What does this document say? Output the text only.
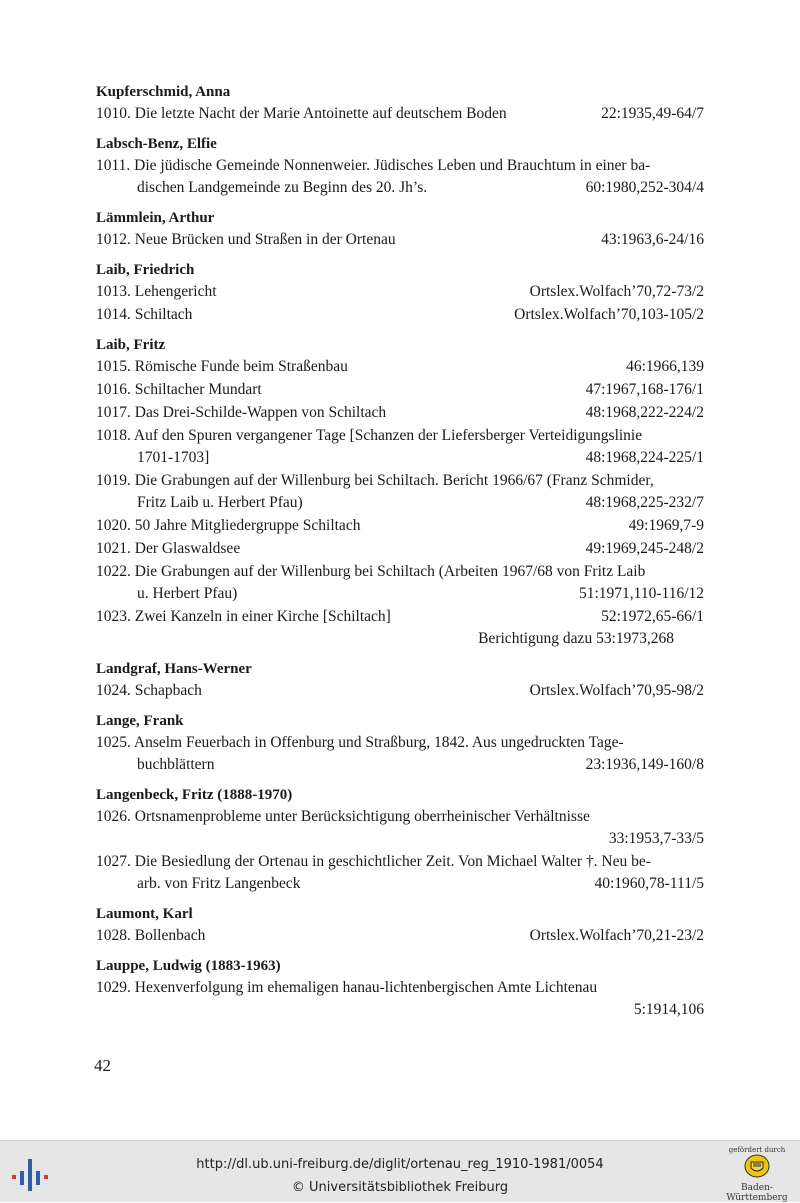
Kupferschmid, Anna
1010. Die letzte Nacht der Marie Antoinette auf deutschem Boden	22:1935,49-64/7
Labsch-Benz, Elfie
1011. Die jüdische Gemeinde Nonnenweier. Jüdisches Leben und Brauchtum in einer ba-
dischen Landgemeinde zu Beginn des 20. Jh’s.	60:1980,252-304/4
Lämmlein, Arthur
1012. Neue Brücken und Straßen in der Ortenau	43:1963,6-24/16
Laib, Friedrich
1013. Lehengericht	Ortslex.Wolfach’70,72-73/2
1014. Schiltach	Ortslex.Wolfach’70,103-105/2
Laib, Fritz
1015. Römische Funde beim Straßenbau	46:1966,139
1016. Schiltacher Mundart	47:1967,168-176/1
1017. Das Drei-Schilde-Wappen von Schiltach	48:1968,222-224/2
1018. Auf den Spuren vergangener Tage [Schanzen der Liefersberger Verteidigungslinie
1701-1703]	48:1968,224-225/1
1019. Die Grabungen auf der Willenburg bei Schiltach. Bericht 1966/67 (Franz Schmider,
Fritz Laib u. Herbert Pfau)	48:1968,225-232/7
1020. 50 Jahre Mitgliedergruppe Schiltach	49:1969,7-9
1021. Der Glaswaldsee	49:1969,245-248/2
1022. Die Grabungen auf der Willenburg bei Schiltach (Arbeiten 1967/68 von Fritz Laib
u. Herbert Pfau)	51:1971,110-116/12
1023. Zwei Kanzeln in einer Kirche [Schiltach]	52:1972,65-66/1
Berichtigung dazu 53:1973,268
Landgraf, Hans-Werner
1024. Schapbach	Ortslex.Wolfach’70,95-98/2
Lange, Frank
1025. Anselm Feuerbach in Offenburg und Straßburg, 1842. Aus ungedruckten Tage-
buchblättern	23:1936,149-160/8
Langenbeck, Fritz (1888-1970)
1026. Ortsnamenprobleme unter Berücksichtigung oberrheinischer Verhältnisse
33:1953,7-33/5
1027. Die Besiedlung der Ortenau in geschichtlicher Zeit. Von Michael Walter †. Neu be-
arb. von Fritz Langenbeck	40:1960,78-111/5
Laumont, Karl
1028. Bollenbach	Ortslex.Wolfach’70,21-23/2
Lauppe, Ludwig (1883-1963)
1029. Hexenverfolgung im ehemaligen hanau-lichtenbergischen Amte Lichtenau
5:1914,106
42
http://dl.ub.uni-freiburg.de/diglit/ortenau_reg_1910-1981/0054
© Universitätsbibliothek Freiburg
gefördert durch
Baden-Württemberg
